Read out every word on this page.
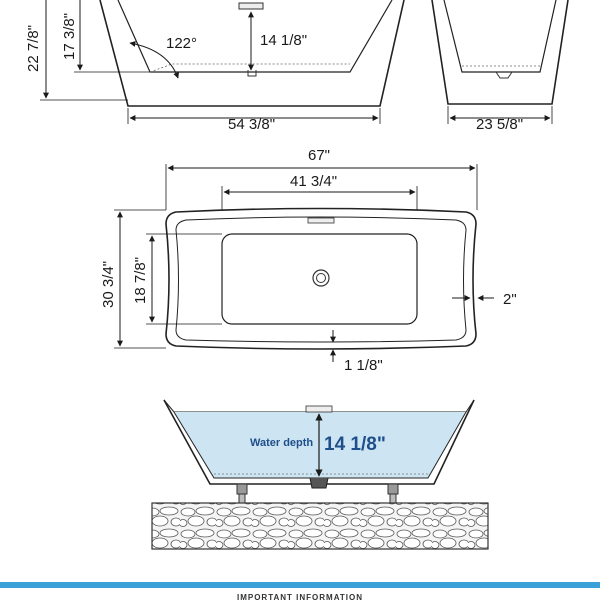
14 1/8"
122°
22 7/8" 17 3/8"
54 3/8"	23 5/8"
67"
41 3/4"
30 3/4" 18 7/8"	2"
1 1/8"
Water depth 14 1/8"
IMPORTANT INFORMATION
